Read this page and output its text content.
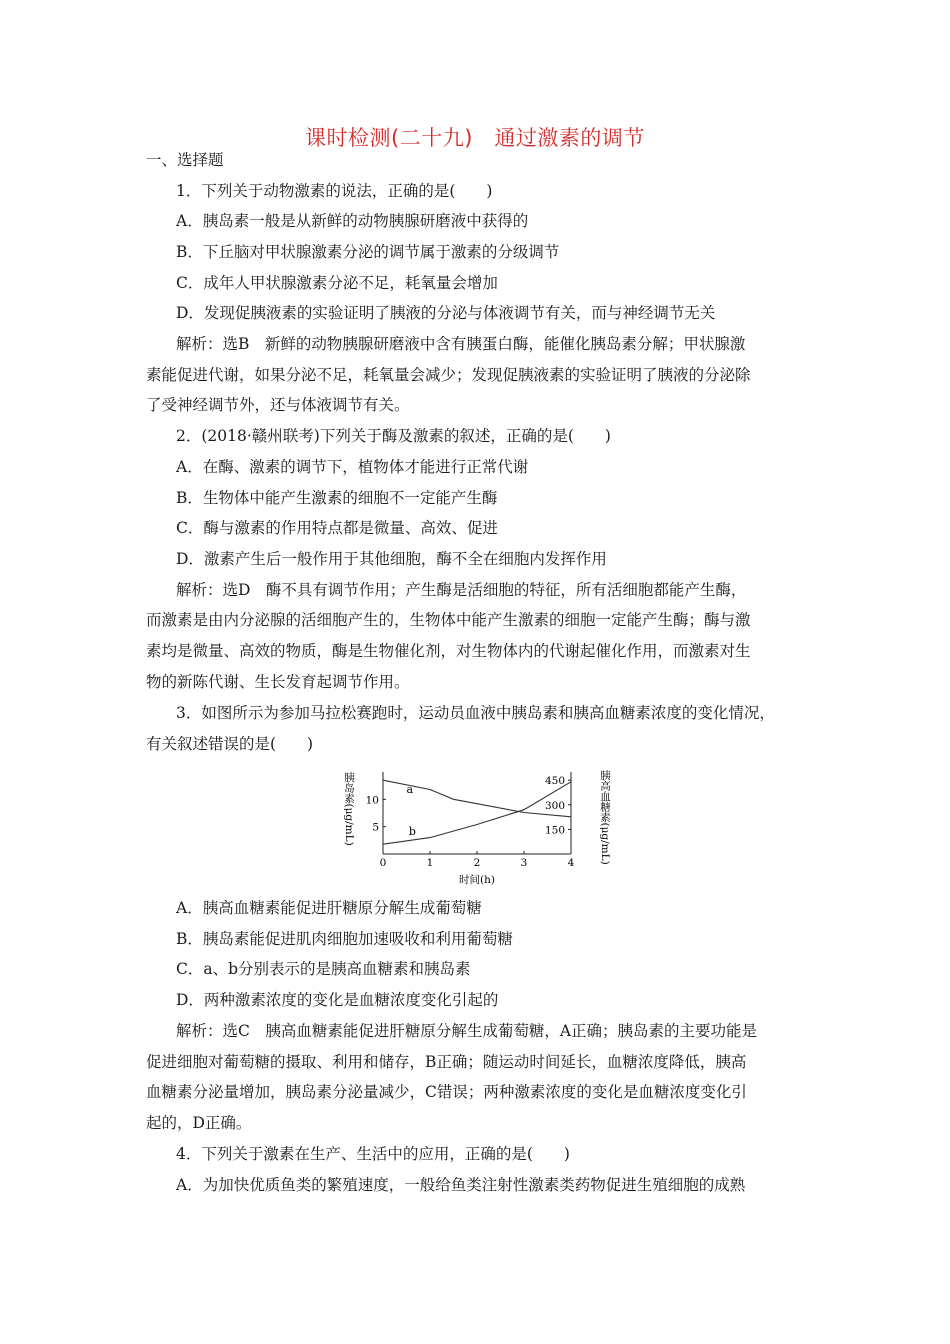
课时检测(二十九)　通过激素的调节
一、选择题
1．下列关于动物激素的说法，正确的是(　　)
A．胰岛素一般是从新鲜的动物胰腺研磨液中获得的
B．下丘脑对甲状腺激素分泌的调节属于激素的分级调节
C．成年人甲状腺激素分泌不足，耗氧量会增加
D．发现促胰液素的实验证明了胰液的分泌与体液调节有关，而与神经调节无关
解析：选B　新鲜的动物胰腺研磨液中含有胰蛋白酶，能催化胰岛素分解；甲状腺激
素能促进代谢，如果分泌不足，耗氧量会减少；发现促胰液素的实验证明了胰液的分泌除
了受神经调节外，还与体液调节有关。
2．(2018·赣州联考)下列关于酶及激素的叙述，正确的是(　　)
A．在酶、激素的调节下，植物体才能进行正常代谢
B．生物体中能产生激素的细胞不一定能产生酶
C．酶与激素的作用特点都是微量、高效、促进
D．激素产生后一般作用于其他细胞，酶不全在细胞内发挥作用
解析：选D　酶不具有调节作用；产生酶是活细胞的特征，所有活细胞都能产生酶，
而激素是由内分泌腺的活细胞产生的，生物体中能产生激素的细胞一定能产生酶；酶与激
素均是微量、高效的物质，酶是生物催化剂，对生物体内的代谢起催化作用，而激素对生
物的新陈代谢、生长发育起调节作用。
3．如图所示为参加马拉松赛跑时，运动员血液中胰岛素和胰高血糖素浓度的变化情况，
有关叙述错误的是(　　)
胰岛素(μg/mL)	胰高血糖素(μg/mL)
时间(h)
a
b
0	1	2	3	4
5
10
150
300
450
A．胰高血糖素能促进肝糖原分解生成葡萄糖
B．胰岛素能促进肌肉细胞加速吸收和利用葡萄糖
C．a、b分别表示的是胰高血糖素和胰岛素
D．两种激素浓度的变化是血糖浓度变化引起的
解析：选C　胰高血糖素能促进肝糖原分解生成葡萄糖，A正确；胰岛素的主要功能是
促进细胞对葡萄糖的摄取、利用和储存，B正确；随运动时间延长，血糖浓度降低，胰高
血糖素分泌量增加，胰岛素分泌量减少，C错误；两种激素浓度的变化是血糖浓度变化引
起的，D正确。
4．下列关于激素在生产、生活中的应用，正确的是(　　)
A．为加快优质鱼类的繁殖速度，一般给鱼类注射性激素类药物促进生殖细胞的成熟
